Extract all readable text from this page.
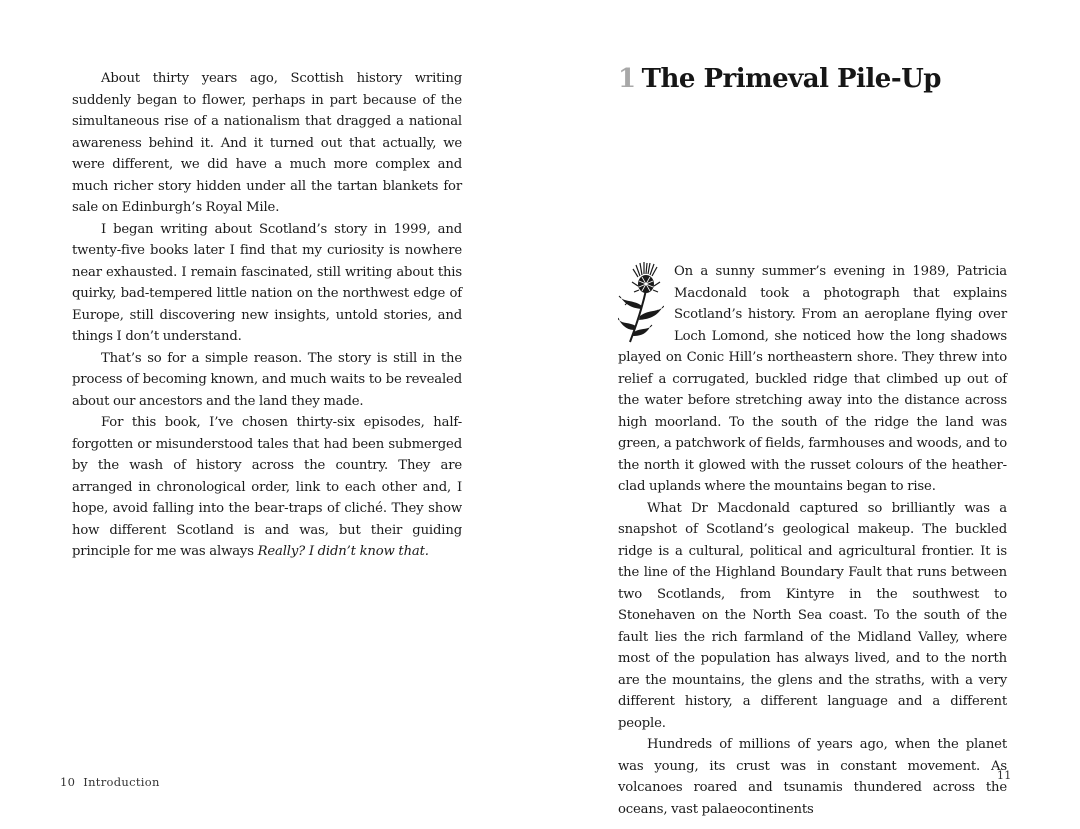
About thirty years ago, Scottish history writing suddenly began to flower, perhaps in part because of the simultaneous rise of a nationalism that dragged a national awareness behind it. And it turned out that actually, we were different, we did have a much more complex and much richer story hidden under all the tartan blankets for sale on Edinburgh’s Royal Mile.

I began writing about Scotland’s story in 1999, and twenty-five books later I find that my curiosity is nowhere near exhausted. I remain fascinated, still writing about this quirky, bad-tempered little nation on the northwest edge of Europe, still discovering new insights, untold stories, and things I don’t understand.

That’s so for a simple reason. The story is still in the process of becoming known, and much waits to be revealed about our ancestors and the land they made.

For this book, I’ve chosen thirty-six episodes, half-forgotten or misunderstood tales that had been submerged by the wash of history across the country. They are arranged in chronological order, link to each other and, I hope, avoid falling into the bear-traps of cliché. They show how different Scotland is and was, but their guiding principle for me was always Really? I didn’t know that.

10 Introduction
1 The Primeval Pile-Up

On a sunny summer’s evening in 1989, Patricia Macdonald took a photograph that explains Scotland’s history. From an aeroplane flying over Loch Lomond, she noticed how the long shadows played on Conic Hill’s northeastern shore. They threw into relief a corrugated, buckled ridge that climbed up out of the water before stretching away into the distance across high moorland. To the south of the ridge the land was green, a patchwork of fields, farmhouses and woods, and to the north it glowed with the russet colours of the heather-clad uplands where the mountains began to rise.

What Dr Macdonald captured so brilliantly was a snapshot of Scotland’s geological makeup. The buckled ridge is a cultural, political and agricultural frontier. It is the line of the Highland Boundary Fault that runs between two Scotlands, from Kintyre in the southwest to Stonehaven on the North Sea coast. To the south of the fault lies the rich farmland of the Midland Valley, where most of the population has always lived, and to the north are the mountains, the glens and the straths, with a very different history, a different language and a different people.

Hundreds of millions of years ago, when the planet was young, its crust was in constant movement. As volcanoes roared and tsunamis thundered across the oceans, vast palaeocontinents

11
